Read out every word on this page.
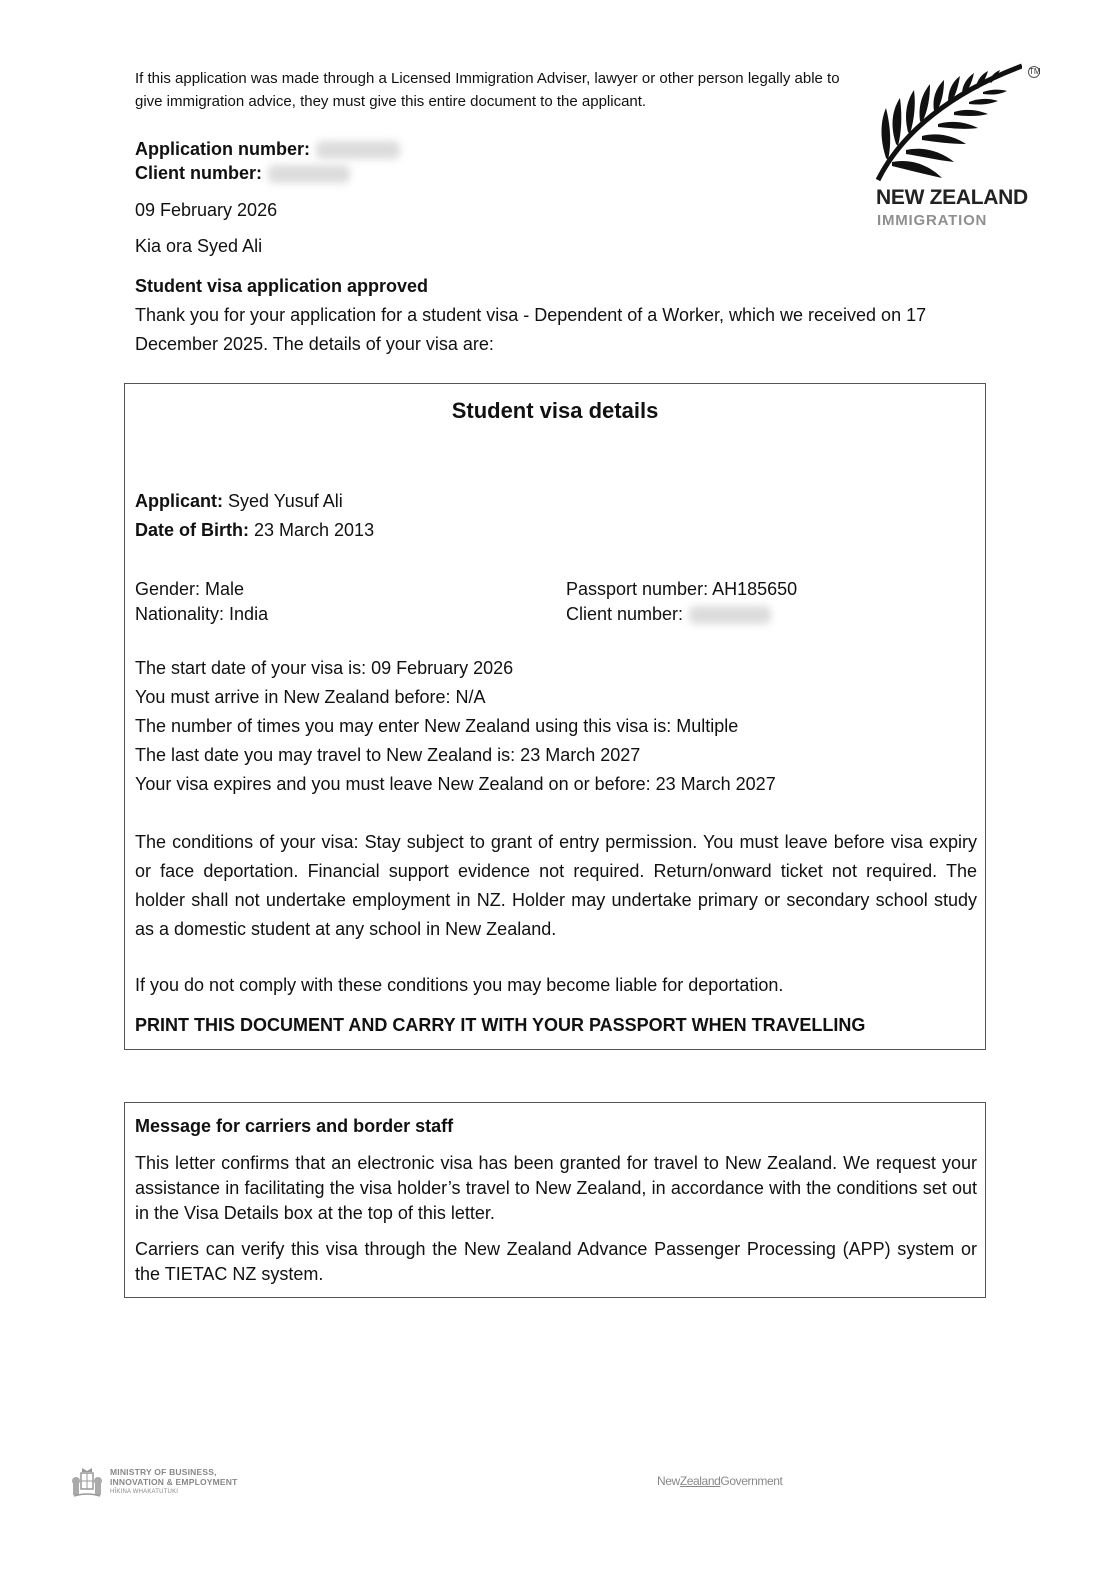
If this application was made through a Licensed Immigration Adviser, lawyer or other person legally able to give immigration advice, they must give this entire document to the applicant.
Application number:
Client number:
09 February 2026
Kia ora Syed Ali
TM
NEW ZEALAND
IMMIGRATION
Student visa application approved
Thank you for your application for a student visa - Dependent of a Worker, which we received on 17 December 2025. The details of your visa are:
Student visa details
Applicant: Syed Yusuf Ali
Date of Birth: 23 March 2013
Gender: Male
Nationality: India
Passport number: AH185650
Client number:
The start date of your visa is: 09 February 2026
You must arrive in New Zealand before: N/A
The number of times you may enter New Zealand using this visa is: Multiple
The last date you may travel to New Zealand is: 23 March 2027
Your visa expires and you must leave New Zealand on or before: 23 March 2027
The conditions of your visa: Stay subject to grant of entry permission. You must leave before visa expiry or face deportation. Financial support evidence not required. Return/onward ticket not required. The holder shall not undertake employment in NZ. Holder may undertake primary or secondary school study as a domestic student at any school in New Zealand.
If you do not comply with these conditions you may become liable for deportation.
PRINT THIS DOCUMENT AND CARRY IT WITH YOUR PASSPORT WHEN TRAVELLING
Message for carriers and border staff
This letter confirms that an electronic visa has been granted for travel to New Zealand. We request your assistance in facilitating the visa holder’s travel to New Zealand, in accordance with the conditions set out in the Visa Details box at the top of this letter.
Carriers can verify this visa through the New Zealand Advance Passenger Processing (APP) system or the TIETAC NZ system.
MINISTRY OF BUSINESS,
INNOVATION & EMPLOYMENT
HĪKINA WHAKATUTUKI
NewZealandGovernment
